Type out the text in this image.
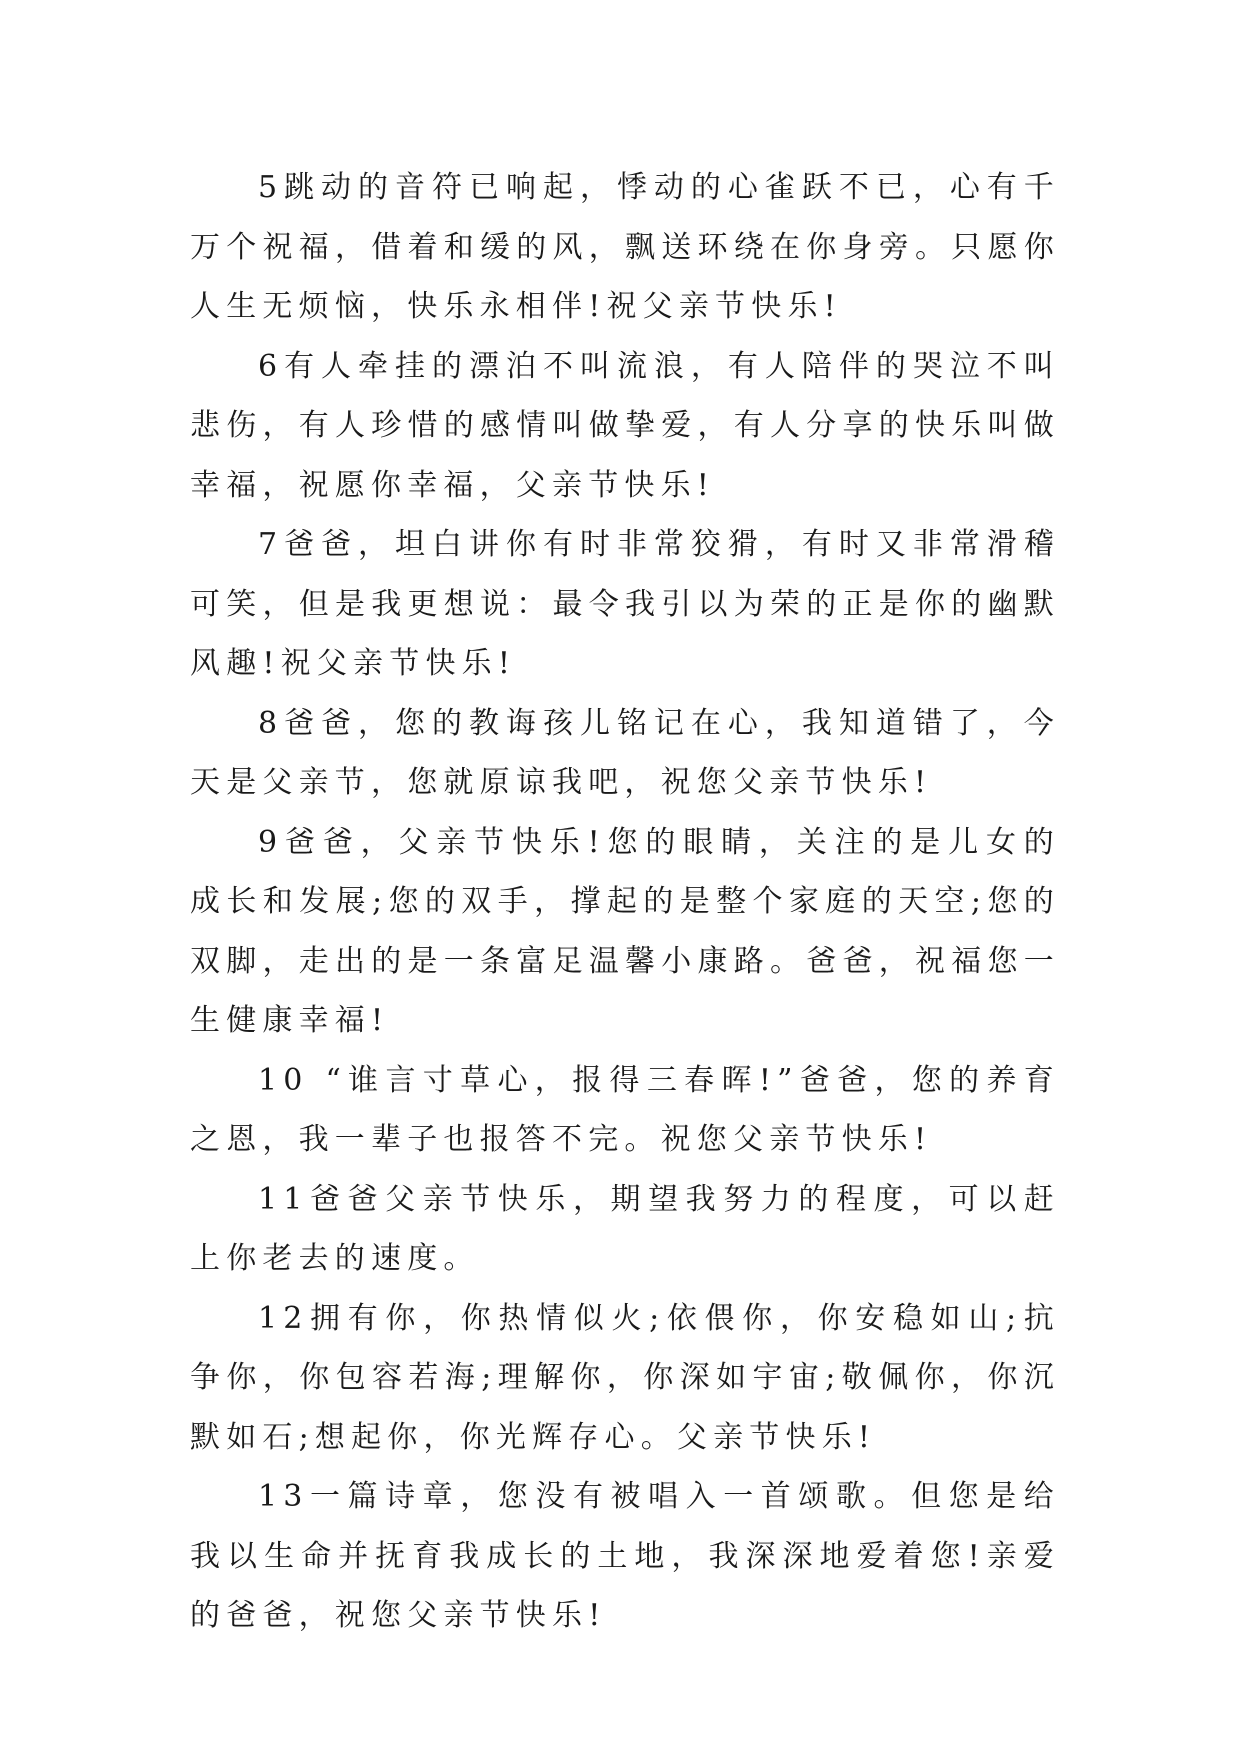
5跳动的音符已响起，悸动的心雀跃不已，心有千万个祝福，借着和缓的风，飘送环绕在你身旁。只愿你人生无烦恼，快乐永相伴!祝父亲节快乐!

6有人牵挂的漂泊不叫流浪，有人陪伴的哭泣不叫悲伤，有人珍惜的感情叫做挚爱，有人分享的快乐叫做幸福，祝愿你幸福，父亲节快乐!

7爸爸，坦白讲你有时非常狡猾，有时又非常滑稽可笑，但是我更想说：最令我引以为荣的正是你的幽默风趣!祝父亲节快乐!

8爸爸，您的教诲孩儿铭记在心，我知道错了，今天是父亲节，您就原谅我吧，祝您父亲节快乐!

9爸爸，父亲节快乐!您的眼睛，关注的是儿女的成长和发展;您的双手，撑起的是整个家庭的天空;您的双脚，走出的是一条富足温馨小康路。爸爸，祝福您一生健康幸福!

10 “谁言寸草心，报得三春晖!”爸爸，您的养育之恩，我一辈子也报答不完。祝您父亲节快乐!

11爸爸父亲节快乐，期望我努力的程度，可以赶上你老去的速度。

12拥有你，你热情似火;依偎你，你安稳如山;抗争你，你包容若海;理解你，你深如宇宙;敬佩你，你沉默如石;想起你，你光辉存心。父亲节快乐!

13一篇诗章，您没有被唱入一首颂歌。但您是给我以生命并抚育我成长的土地，我深深地爱着您!亲爱的爸爸，祝您父亲节快乐!
